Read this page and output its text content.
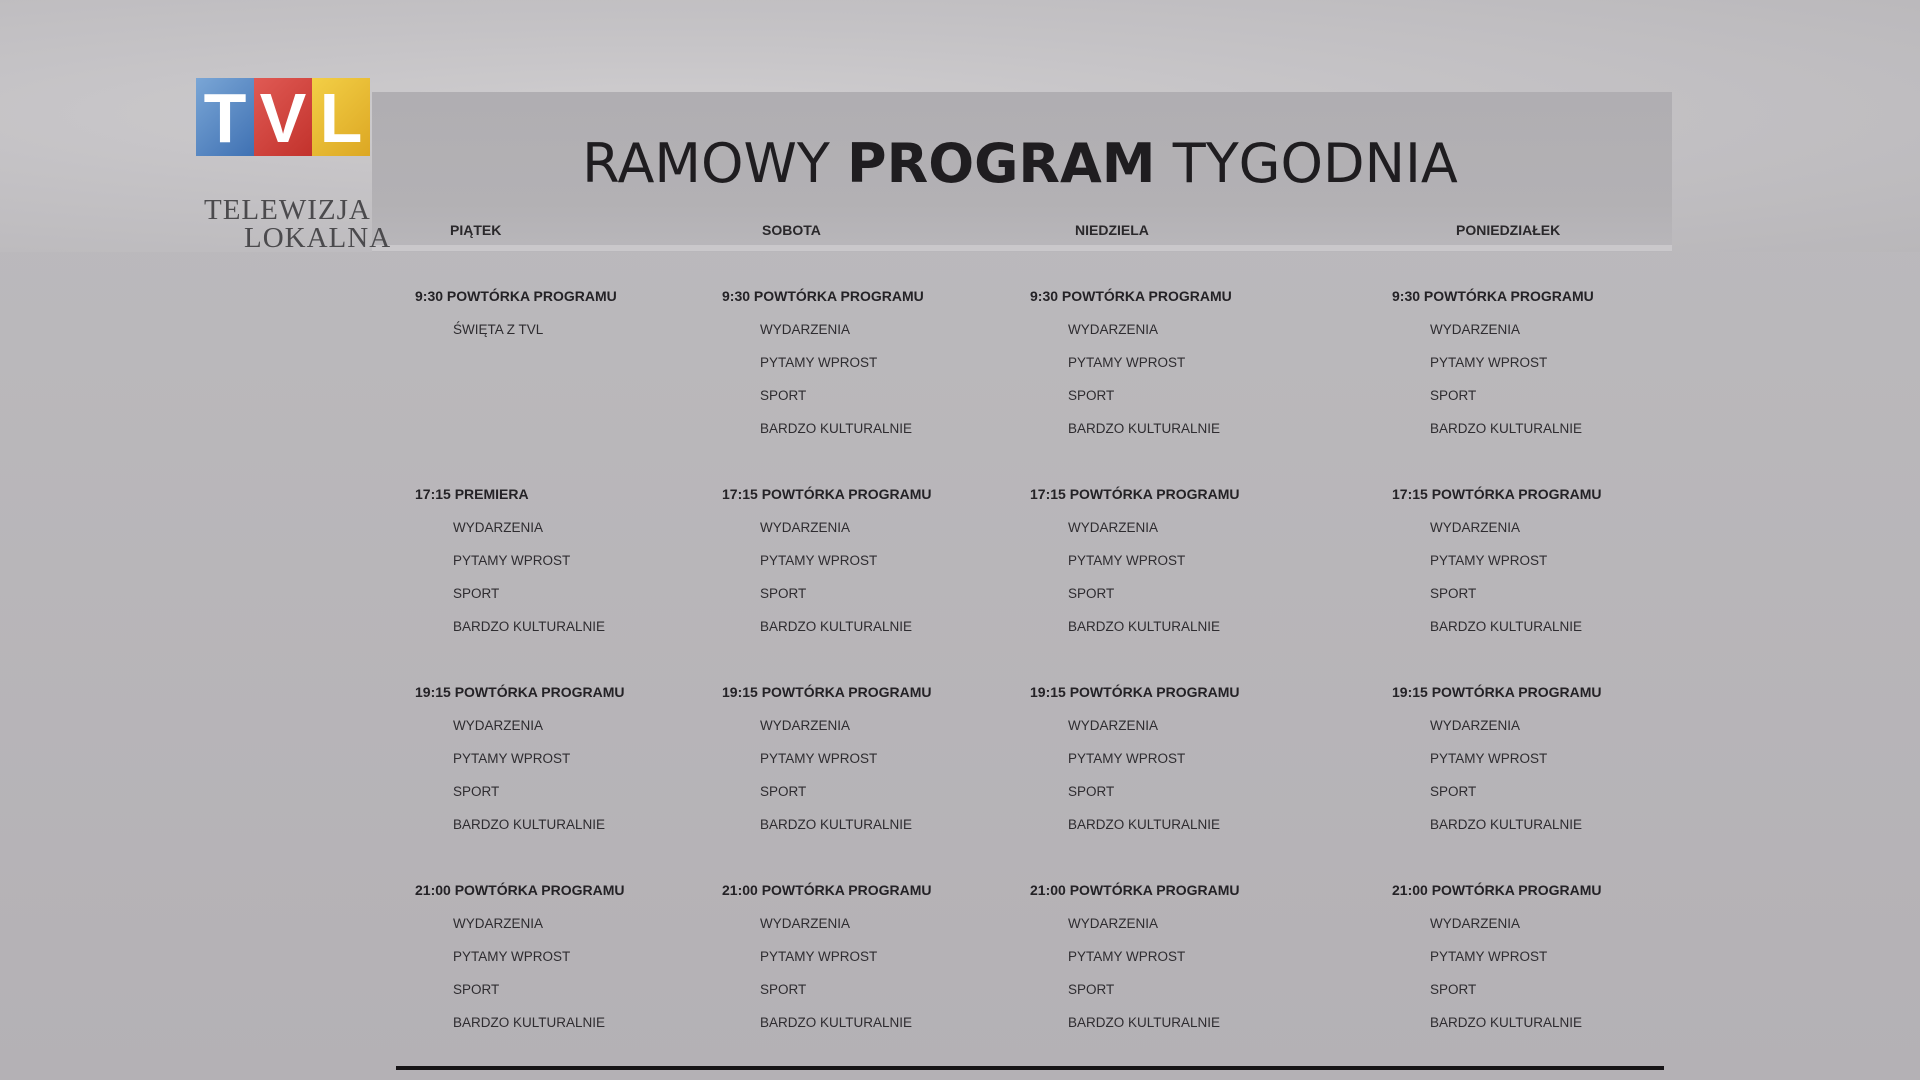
T V L
TELEWIZJA
LOKALNA
RAMOWY PROGRAM TYGODNIA
PIĄTEK
9:30 POWTÓRKA PROGRAMU
ŚWIĘTA Z TVL
17:15 PREMIERA
WYDARZENIA
PYTAMY WPROST
SPORT
BARDZO KULTURALNIE
19:15 POWTÓRKA PROGRAMU
WYDARZENIA
PYTAMY WPROST
SPORT
BARDZO KULTURALNIE
21:00 POWTÓRKA PROGRAMU
WYDARZENIA
PYTAMY WPROST
SPORT
BARDZO KULTURALNIE
SOBOTA
9:30 POWTÓRKA PROGRAMU
WYDARZENIA
PYTAMY WPROST
SPORT
BARDZO KULTURALNIE
17:15 POWTÓRKA PROGRAMU
WYDARZENIA
PYTAMY WPROST
SPORT
BARDZO KULTURALNIE
19:15 POWTÓRKA PROGRAMU
WYDARZENIA
PYTAMY WPROST
SPORT
BARDZO KULTURALNIE
21:00 POWTÓRKA PROGRAMU
WYDARZENIA
PYTAMY WPROST
SPORT
BARDZO KULTURALNIE
NIEDZIELA
9:30 POWTÓRKA PROGRAMU
WYDARZENIA
PYTAMY WPROST
SPORT
BARDZO KULTURALNIE
17:15 POWTÓRKA PROGRAMU
WYDARZENIA
PYTAMY WPROST
SPORT
BARDZO KULTURALNIE
19:15 POWTÓRKA PROGRAMU
WYDARZENIA
PYTAMY WPROST
SPORT
BARDZO KULTURALNIE
21:00 POWTÓRKA PROGRAMU
WYDARZENIA
PYTAMY WPROST
SPORT
BARDZO KULTURALNIE
PONIEDZIAŁEK
9:30 POWTÓRKA PROGRAMU
WYDARZENIA
PYTAMY WPROST
SPORT
BARDZO KULTURALNIE
17:15 POWTÓRKA PROGRAMU
WYDARZENIA
PYTAMY WPROST
SPORT
BARDZO KULTURALNIE
19:15 POWTÓRKA PROGRAMU
WYDARZENIA
PYTAMY WPROST
SPORT
BARDZO KULTURALNIE
21:00 POWTÓRKA PROGRAMU
WYDARZENIA
PYTAMY WPROST
SPORT
BARDZO KULTURALNIE
